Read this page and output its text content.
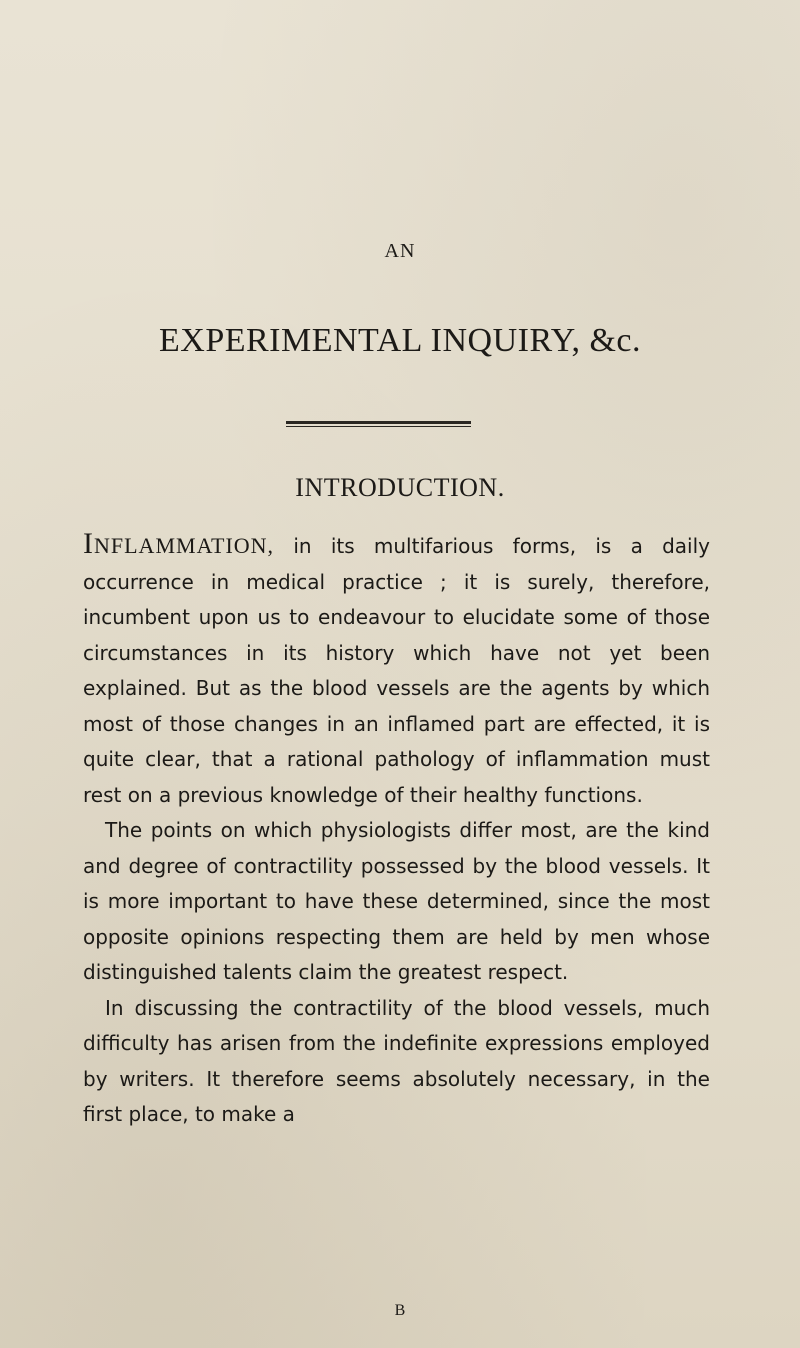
AN
EXPERIMENTAL INQUIRY, &c.
INTRODUCTION.

INFLAMMATION, in its multifarious forms, is a daily occurrence in medical practice ; it is surely, therefore, incumbent upon us to endeavour to elucidate some of those circumstances in its history which have not yet been explained. But as the blood vessels are the agents by which most of those changes in an inflamed part are effected, it is quite clear, that a rational pathology of inflammation must rest on a previous knowledge of their healthy functions.

The points on which physiologists differ most, are the kind and degree of contractility possessed by the blood vessels. It is more important to have these determined, since the most opposite opinions respecting them are held by men whose distinguished talents claim the greatest respect.

In discussing the contractility of the blood vessels, much difficulty has arisen from the indefinite expressions employed by writers. It therefore seems absolutely necessary, in the first place, to make a

B
